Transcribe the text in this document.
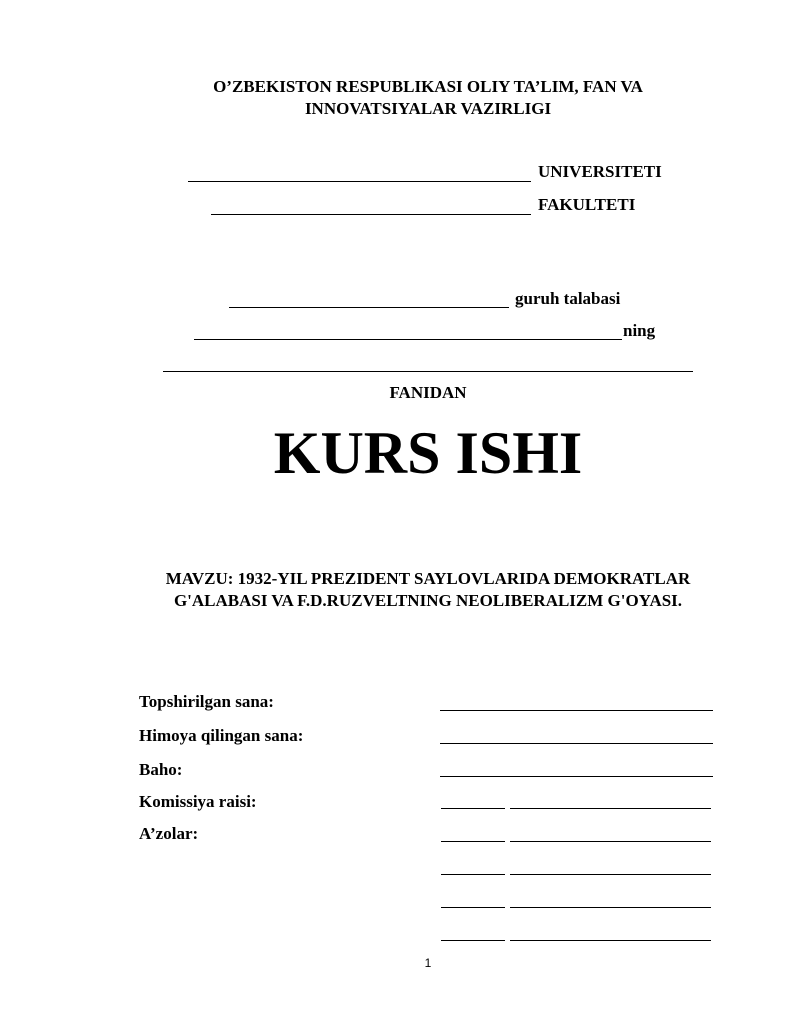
O’ZBEKISTON RESPUBLIKASI OLIY TA’LIM, FAN VA
INNOVATSIYALAR VAZIRLIGI
UNIVERSITETI
FAKULTETI
guruh talabasi
ning
FANIDAN
KURS ISHI
MAVZU: 1932-YIL PREZIDENT SAYLOVLARIDA DEMOKRATLAR
G'ALABASI VA F.D.RUZVELTNING NEOLIBERALIZM G'OYASI.
Topshirilgan sana:
Himoya qilingan sana:
Baho:
Komissiya raisi:
A’zolar:
1
